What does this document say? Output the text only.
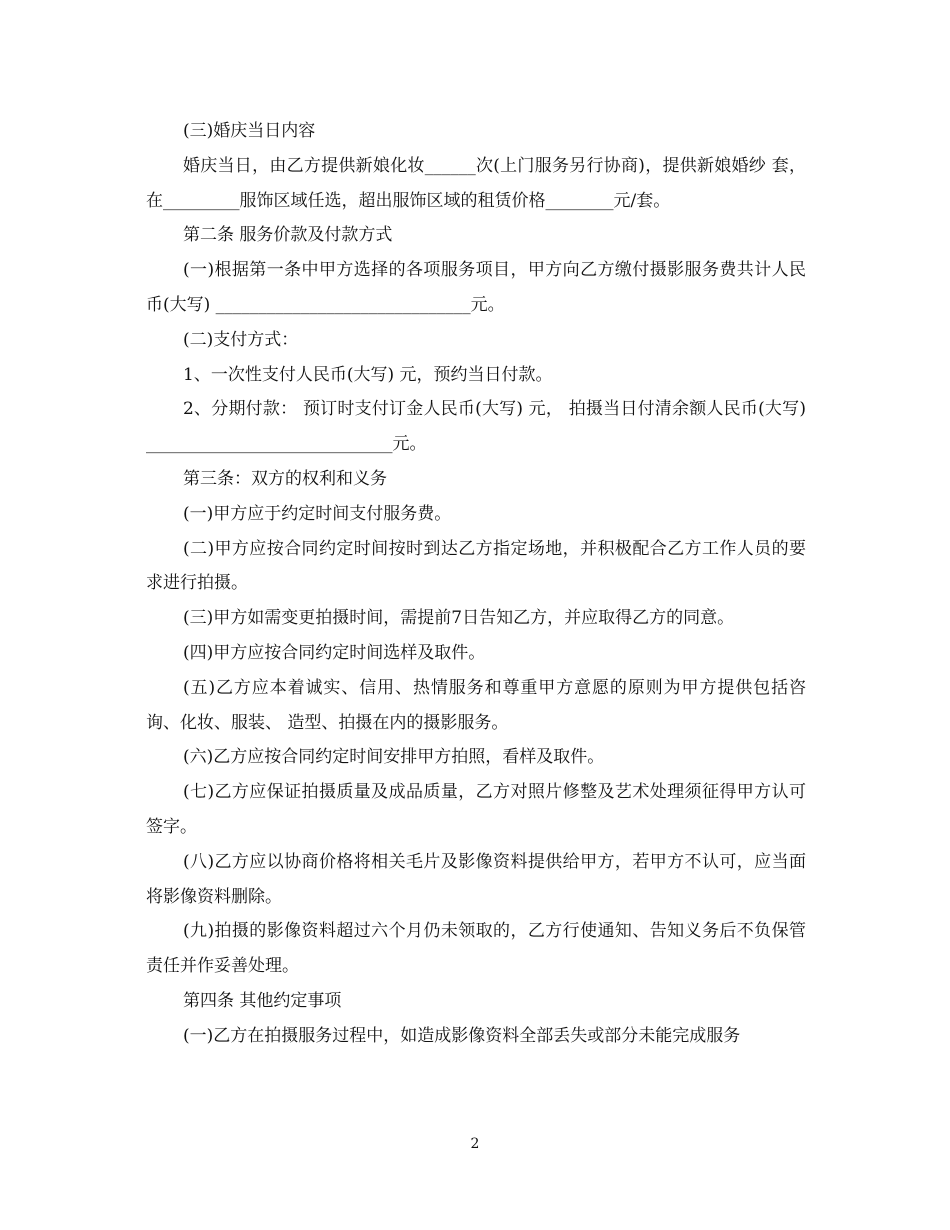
(三)婚庆当日内容

婚庆当日，由乙方提供新娘化妆______次(上门服务另行协商)，提供新娘婚纱 套，在_________服饰区域任选，超出服饰区域的租赁价格________元/套。

第二条 服务价款及付款方式

(一)根据第一条中甲方选择的各项服务项目，甲方向乙方缴付摄影服务费共计人民币(大写) ______________________________元。

(二)支付方式：

1、一次性支付人民币(大写) 元，预约当日付款。

2、分期付款： 预订时支付订金人民币(大写) 元， 拍摄当日付清余额人民币(大写)_____________________________元。

第三条：双方的权利和义务

(一)甲方应于约定时间支付服务费。

(二)甲方应按合同约定时间按时到达乙方指定场地，并积极配合乙方工作人员的要求进行拍摄。

(三)甲方如需变更拍摄时间，需提前7日告知乙方，并应取得乙方的同意。

(四)甲方应按合同约定时间选样及取件。

(五)乙方应本着诚实、信用、热情服务和尊重甲方意愿的原则为甲方提供包括咨询、化妆、服装、 造型、拍摄在内的摄影服务。

(六)乙方应按合同约定时间安排甲方拍照，看样及取件。

(七)乙方应保证拍摄质量及成品质量，乙方对照片修整及艺术处理须征得甲方认可签字。

(八)乙方应以协商价格将相关毛片及影像资料提供给甲方，若甲方不认可，应当面将影像资料删除。

(九)拍摄的影像资料超过六个月仍未领取的，乙方行使通知、告知义务后不负保管责任并作妥善处理。

第四条 其他约定事项

(一)乙方在拍摄服务过程中，如造成影像资料全部丢失或部分未能完成服务

2
